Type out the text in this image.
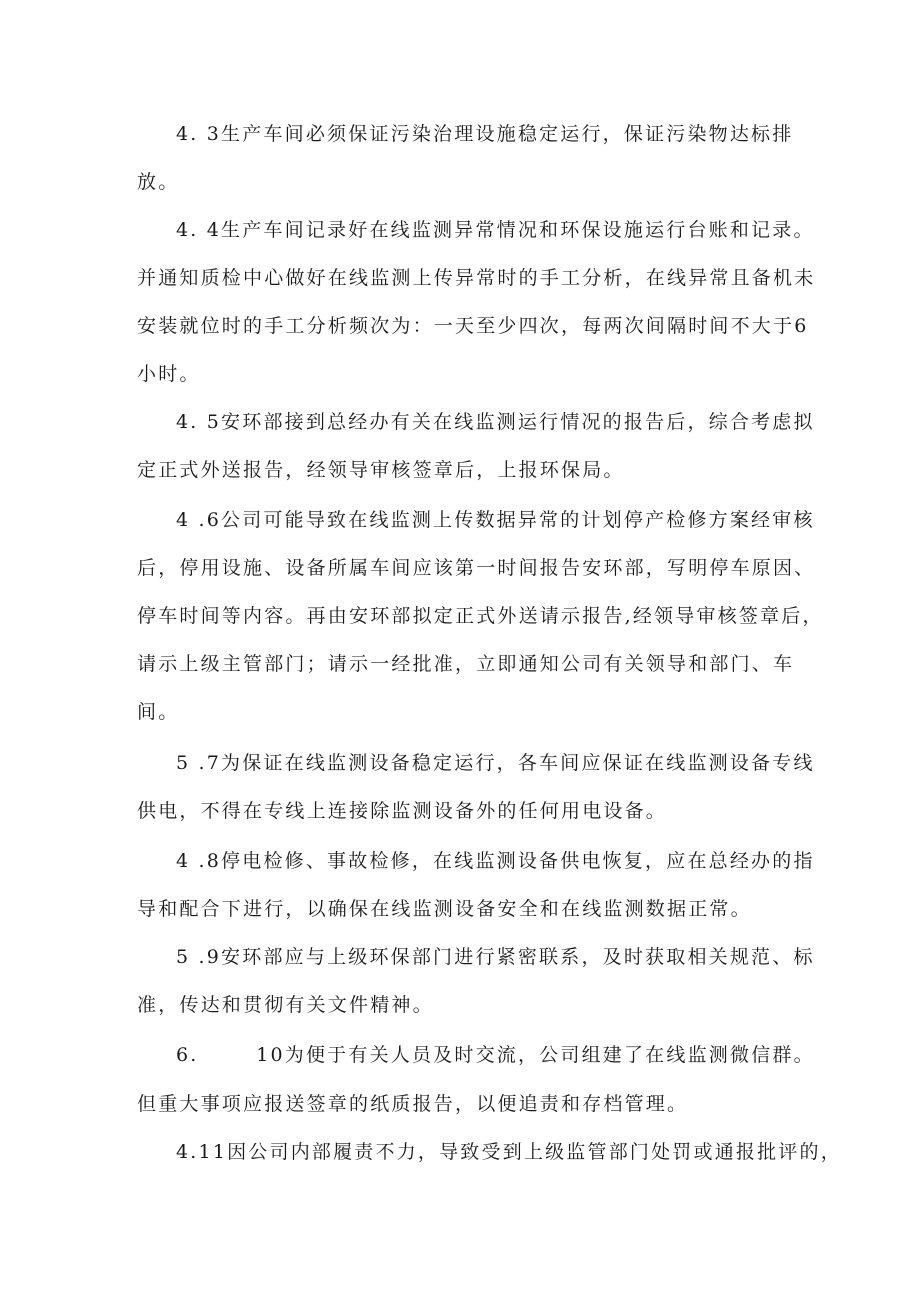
4. 3生产车间必须保证污染治理设施稳定运行，保证污染物达标排
放。
4. 4生产车间记录好在线监测异常情况和环保设施运行台账和记录。
并通知质检中心做好在线监测上传异常时的手工分析，在线异常且备机未
安装就位时的手工分析频次为：一天至少四次，每两次间隔时间不大于6
小时。
4. 5安环部接到总经办有关在线监测运行情况的报告后，综合考虑拟
定正式外送报告，经领导审核签章后，上报环保局。
4 .6公司可能导致在线监测上传数据异常的计划停产检修方案经审核
后，停用设施、设备所属车间应该第一时间报告安环部，写明停车原因、
停车时间等内容。再由安环部拟定正式外送请示报告,经领导审核签章后，
请示上级主管部门；请示一经批准，立即通知公司有关领导和部门、车
间。
5 .7为保证在线监测设备稳定运行，各车间应保证在线监测设备专线
供电，不得在专线上连接除监测设备外的任何用电设备。
4 .8停电检修、事故检修，在线监测设备供电恢复，应在总经办的指
导和配合下进行，以确保在线监测设备安全和在线监测数据正常。
5 .9安环部应与上级环保部门进行紧密联系，及时获取相关规范、标
准，传达和贯彻有关文件精神。
6.       10为便于有关人员及时交流，公司组建了在线监测微信群。
但重大事项应报送签章的纸质报告，以便追责和存档管理。
4.11因公司内部履责不力，导致受到上级监管部门处罚或通报批评的，
